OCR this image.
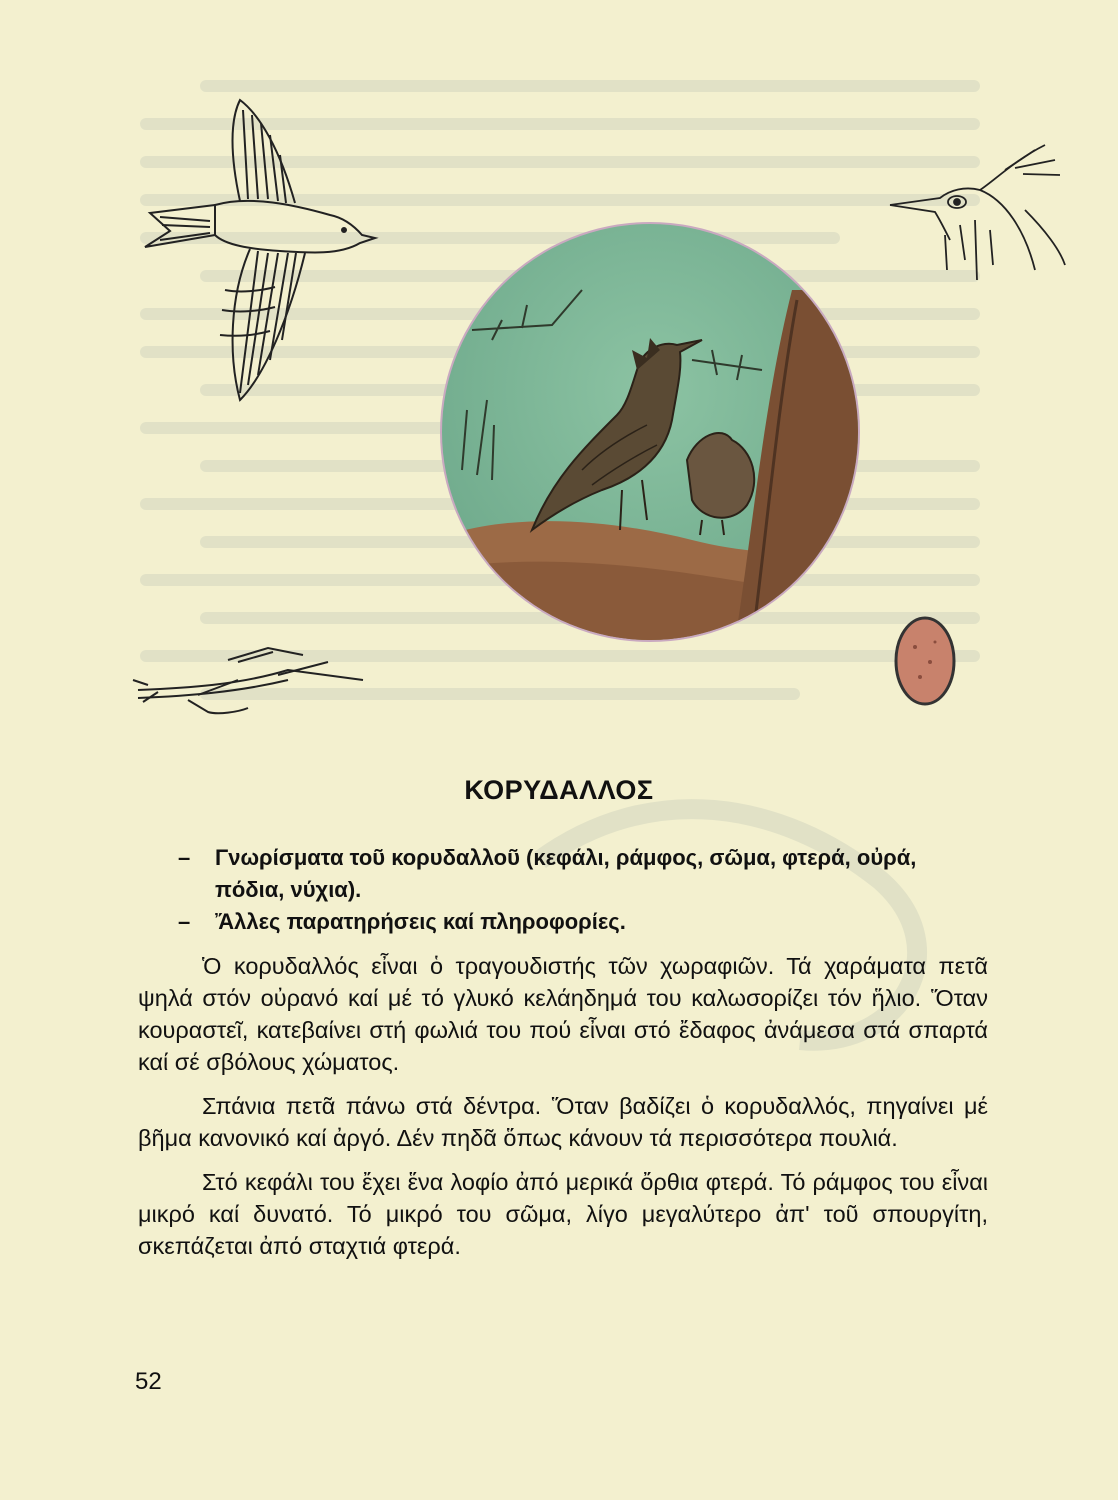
ΚΟΡΥΔΑΛΛΟΣ
– Γνωρίσματα τοῦ κορυδαλλοῦ (κεφάλι, ράμφος, σῶμα, φτερά, οὐρά, πόδια, νύχια).
– Ἄλλες παρατηρήσεις καί πληροφορίες.

Ὁ κορυδαλλός εἶναι ὁ τραγουδιστής τῶν χωραφιῶν. Τά χαράματα πετᾶ ψηλά στόν οὐρανό καί μέ τό γλυκό κελάηδημά του καλωσορίζει τόν ἥλιο. Ὅταν κουραστεῖ, κατεβαίνει στή φωλιά του πού εἶναι στό ἔδαφος ἀνάμεσα στά σπαρτά καί σέ σβόλους χώματος.

Σπάνια πετᾶ πάνω στά δέντρα. Ὅταν βαδίζει ὁ κορυδαλλός, πηγαίνει μέ βῆμα κανονικό καί ἀργό. Δέν πηδᾶ ὅπως κάνουν τά περισσότερα πουλιά.

Στό κεφάλι του ἔχει ἕνα λοφίο ἀπό μερικά ὄρθια φτερά. Τό ράμφος του εἶναι μικρό καί δυνατό. Τό μικρό του σῶμα, λίγο μεγαλύτερο ἀπ' τοῦ σπουργίτη, σκεπάζεται ἀπό σταχτιά φτερά.

52
